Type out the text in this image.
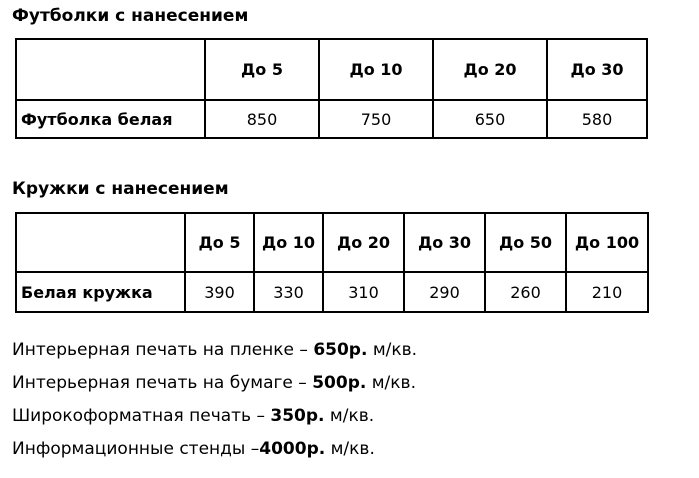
Футболки с нанесением
	До 5	До 10	До 20	До 30
Футболка белая	850	750	650	580
Кружки с нанесением
	До 5	До 10	До 20	До 30	До 50	До 100
Белая кружка	390	330	310	290	260	210
Интерьерная печать на пленке – 650р. м/кв.
Интерьерная печать на бумаге – 500р. м/кв.
Широкоформатная печать – 350р. м/кв.
Информационные стенды –4000р. м/кв.
